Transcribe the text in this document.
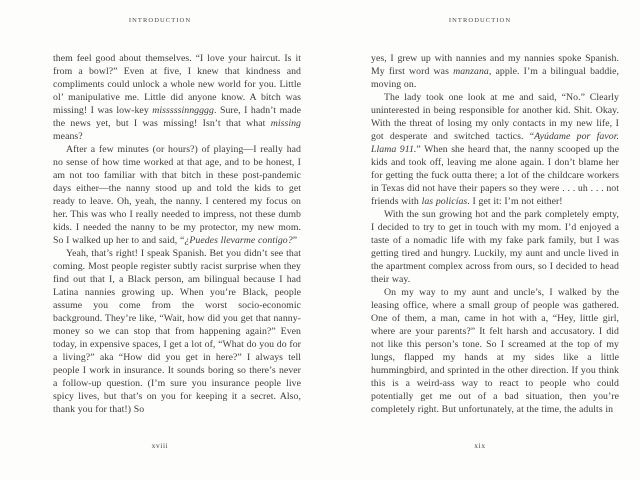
INTRODUCTION

them feel good about themselves. “I love your haircut. Is it from a bowl?” Even at five, I knew that kindness and compliments could unlock a whole new world for you. Little ol’ manipulative me. Little did anyone know. A bitch was missing! I was low-key misssssinngggg. Sure, I hadn’t made the news yet, but I was missing! Isn’t that what missing means?

After a few minutes (or hours?) of playing—I really had no sense of how time worked at that age, and to be honest, I am not too familiar with that bitch in these post-pandemic days either—the nanny stood up and told the kids to get ready to leave. Oh, yeah, the nanny. I centered my focus on her. This was who I really needed to impress, not these dumb kids. I needed the nanny to be my protector, my new mom. So I walked up her to and said, “¿Puedes llevarme contigo?”

Yeah, that’s right! I speak Spanish. Bet you didn’t see that coming. Most people register subtly racist surprise when they find out that I, a Black person, am bilingual because I had Latina nannies growing up. When you’re Black, people assume you come from the worst socio-economic background. They’re like, “Wait, how did you get that nanny-money so we can stop that from happening again?” Even today, in expensive spaces, I get a lot of, “What do you do for a living?” aka “How did you get in here?” I always tell people I work in insurance. It sounds boring so there’s never a follow-up question. (I’m sure you insurance people live spicy lives, but that’s on you for keeping it a secret. Also, thank you for that!) So

xviii
INTRODUCTION

yes, I grew up with nannies and my nannies spoke Spanish. My first word was manzana, apple. I’m a bilingual baddie, moving on.

The lady took one look at me and said, “No.” Clearly uninterested in being responsible for another kid. Shit. Okay. With the threat of losing my only contacts in my new life, I got desperate and switched tactics. “Ayúdame por favor. Llama 911.” When she heard that, the nanny scooped up the kids and took off, leaving me alone again. I don’t blame her for getting the fuck outta there; a lot of the childcare workers in Texas did not have their papers so they were . . . uh . . . not friends with las policías. I get it: I’m not either!

With the sun growing hot and the park completely empty, I decided to try to get in touch with my mom. I’d enjoyed a taste of a nomadic life with my fake park family, but I was getting tired and hungry. Luckily, my aunt and uncle lived in the apartment complex across from ours, so I decided to head their way.

On my way to my aunt and uncle’s, I walked by the leasing office, where a small group of people was gathered. One of them, a man, came in hot with a, “Hey, little girl, where are your parents?” It felt harsh and accusatory. I did not like this person’s tone. So I screamed at the top of my lungs, flapped my hands at my sides like a little hummingbird, and sprinted in the other direction. If you think this is a weird-ass way to react to people who could potentially get me out of a bad situation, then you’re completely right. But unfortunately, at the time, the adults in

xix
